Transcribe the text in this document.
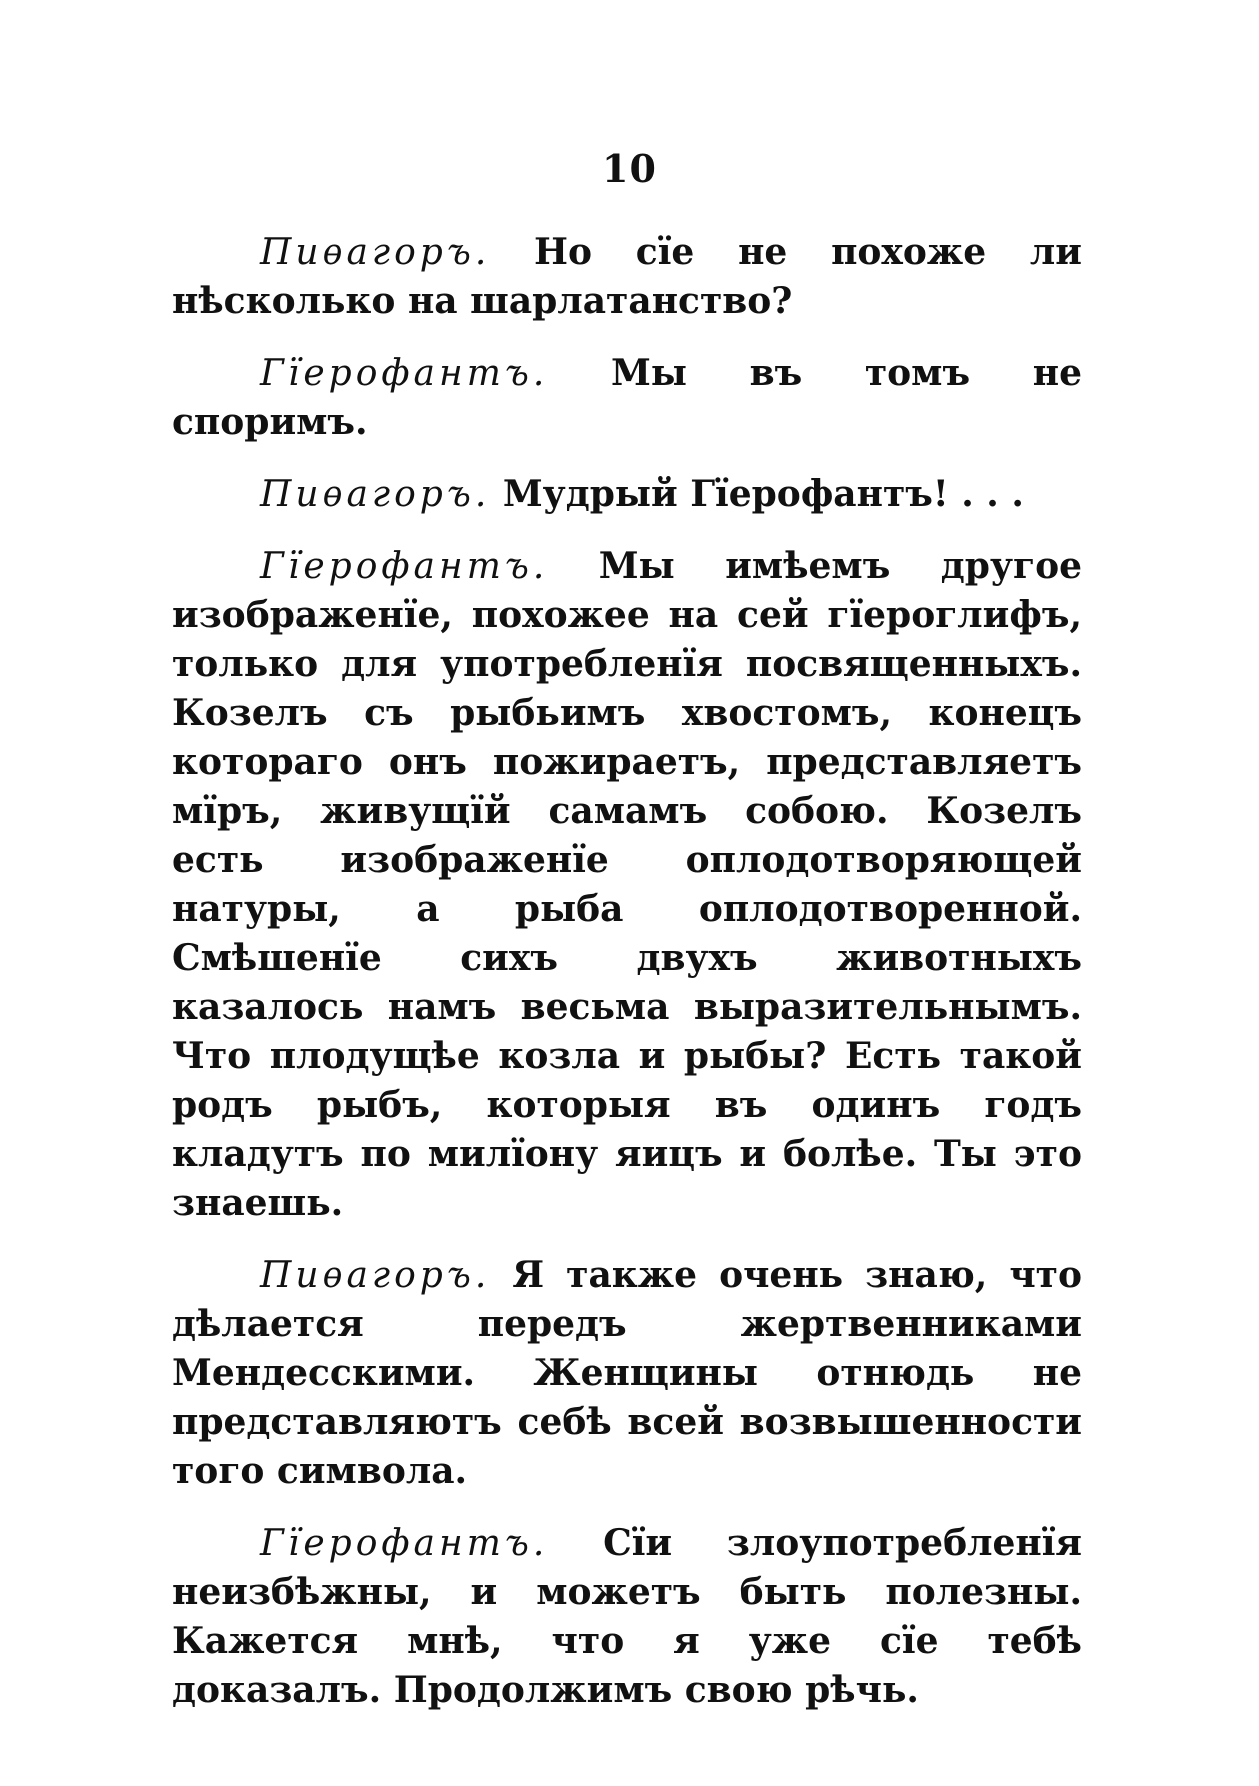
10

Пиѳагоръ. Но сїе не похоже ли нѣсколько на шарлатанство?

Гїерофантъ. Мы въ томъ не споримъ.

Пиѳагоръ. Мудрый Гїерофантъ! . . .

Гїерофантъ. Мы имѣемъ другое изображенїе, похожее на сей гїероглифъ, только для употребленїя посвященныхъ. Козелъ съ рыбьимъ хвостомъ, конецъ котораго онъ пожираетъ, представляетъ мїръ, живущїй самамъ собою. Козелъ есть изображенїе оплодотворяющей натуры, а рыба оплодотворенной. Смѣшенїе сихъ двухъ животныхъ казалось намъ весьма выразительнымъ. Что плодущѣе козла и рыбы? Есть такой родъ рыбъ, которыя въ одинъ годъ кладутъ по милїону яицъ и болѣе. Ты это знаешь.

Пиѳагоръ. Я также очень знаю, что дѣлается передъ жертвенниками Мендесскими. Женщины отнюдь не представляютъ себѣ всей возвышенности того символа.

Гїерофантъ. Сїи злоупотребленїя неизбѣжны, и можетъ быть полезны. Кажется мнѣ, что я уже сїе тебѣ доказалъ. Продолжимъ свою рѣчь.
